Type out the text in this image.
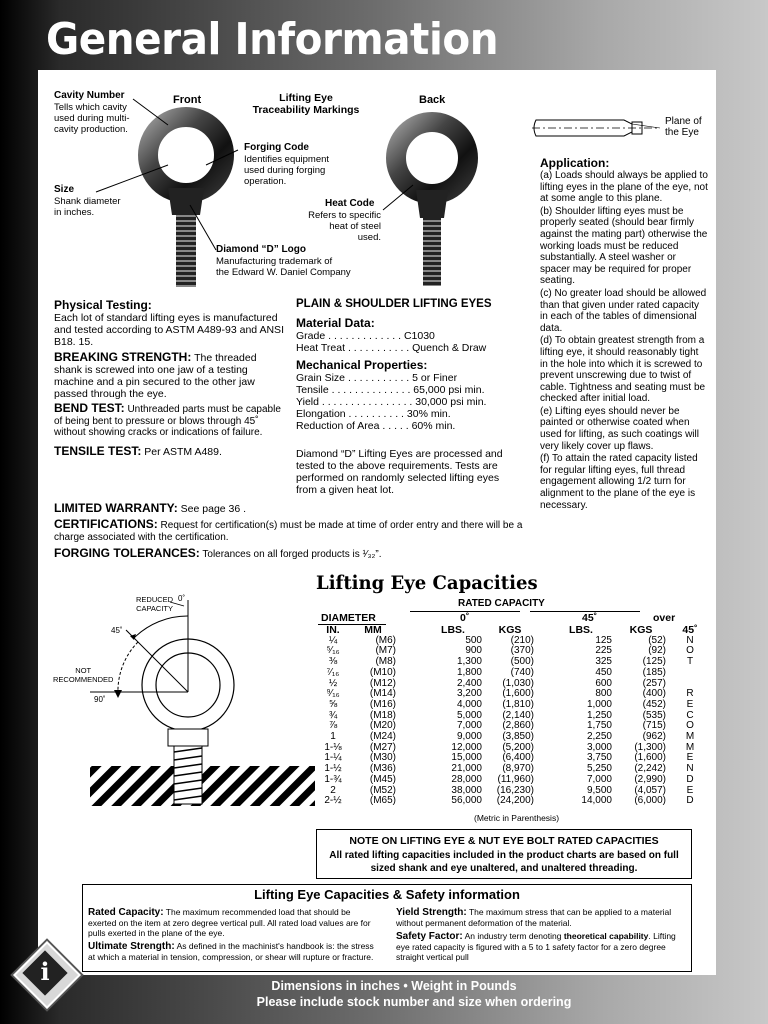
General Information
Cavity Number
Tells which cavity
used during multi-
cavity production.
Front	Lifting Eye
Traceability Markings
Back
Forging Code
Identifies equipment
used during forging
operation.
Size
Shank diameter
in inches.
Heat Code
Refers to specific
heat of steel used.
Diamond “D” Logo
Manufacturing trademark of
the Edward W. Daniel Company
Plane of
the Eye
Application:
(a) Loads should always be applied to lifting eyes in the plane of the eye, not at some angle to this plane.
(b) Shoulder lifting eyes must be properly seated (should bear firmly against the mating part) otherwise the working loads must be reduced substantially. A steel washer or spacer may be required for proper seating.
(c) No greater load should be allowed than that given under rated capacity in each of the tables of dimensional data.
(d) To obtain greatest strength from a lifting eye, it should reasonably tight in the hole into which it is screwed to prevent unscrewing due to twist of cable. Tightness and seating must be checked after initial load.
(e) Lifting eyes should never be painted or otherwise coated when used for lifting, as such coatings will very likely cover up flaws.
(f) To attain the rated capacity listed for regular lifting eyes, full thread engagement allowing 1/2 turn for alignment to the plane of the eye is necessary.
Physical Testing:
Each lot of standard lifting eyes is manufactured and tested according to ASTM A489-93 and ANSI B18. 15.
BREAKING STRENGTH: The threaded shank is screwed into one jaw of a testing machine and a pin secured to the other jaw passed through the eye.
BEND TEST: Unthreaded parts must be capable of being bent to pressure or blows through 45˚ without showing cracks or indications of failure.
TENSILE TEST: Per ASTM A489.
PLAIN & SHOULDER LIFTING EYES
Material Data:
Grade . . . . . . . . . . . . . C1030
Heat Treat . . . . . . . . . . . Quench & Draw
Mechanical Properties:
Grain Size . . . . . . . . . . . 5 or Finer
Tensile . . . . . . . . . . . . . . 65,000 psi min.
Yield . . . . . . . . . . . . . . . . 30,000 psi min.
Elongation . . . . . . . . . . 30% min.
Reduction of Area . . . . . 60% min.
Diamond “D” Lifting Eyes are processed and tested to the above requirements. Tests are performed on randomly selected lifting eyes from a given heat lot.
LIMITED WARRANTY: See page 36 .
CERTIFICATIONS: Request for certification(s) must be made at time of order entry and there will be a charge associated with the certification.
FORGING TOLERANCES: Tolerances on all forged products is ¹⁄₃₂”.
Lifting Eye Capacities
REDUCED
CAPACITY
0˚
45˚
NOT
RECOMMENDED
90˚
RATED CAPACITY
DIAMETER	0˚	45˚	over
IN.	MM	LBS.	KGS	LBS.	KGS	45˚
¼	(M6)	500	(210)	125	(52)	N
⁵⁄₁₆	(M7)	900	(370)	225	(92)	O
⅜	(M8)	1,300	(500)	325	(125)	T
⁷⁄₁₆	(M10)	1,800	(740)	450	(185)	
½	(M12)	2,400	(1,030)	600	(257)	
⁹⁄₁₆	(M14)	3,200	(1,600)	800	(400)	R
⅝	(M16)	4,000	(1,810)	1,000	(452)	E
¾	(M18)	5,000	(2,140)	1,250	(535)	C
⅞	(M20)	7,000	(2,860)	1,750	(715)	O
1	(M24)	9,000	(3,850)	2,250	(962)	M
1-⅛	(M27)	12,000	(5,200)	3,000	(1,300)	M
1-¼	(M30)	15,000	(6,400)	3,750	(1,600)	E
1-½	(M36)	21,000	(8,970)	5,250	(2,242)	N
1-¾	(M45)	28,000	(11,960)	7,000	(2,990)	D
2	(M52)	38,000	(16,230)	9,500	(4,057)	E
2-½	(M65)	56,000	(24,200)	14,000	(6,000)	D
(Metric in Parenthesis)
NOTE ON LIFTING EYE & NUT EYE BOLT RATED CAPACITIES
All rated lifting capacities included in the product charts are based on full sized shank and eye unaltered, and unaltered threading.
Lifting Eye Capacities & Safety information
Rated Capacity: The maximum recommended load that should be exerted on the item at zero degree vertical pull. All rated load values are for pulls exerted in the plane of the eye.
Ultimate Strength: As defined in the machinist's handbook is: the stress at which a material in tension, compression, or shear will rupture or fracture.
Yield Strength: The maximum stress that can be applied to a material without permanent deformation of the material.
Safety Factor: An industry term denoting theoretical capability. Lifting eye rated capacity is figured with a 5 to 1 safety factor for a zero degree straight vertical pull
Dimensions in inches • Weight in Pounds
Please include stock number and size when ordering
i
